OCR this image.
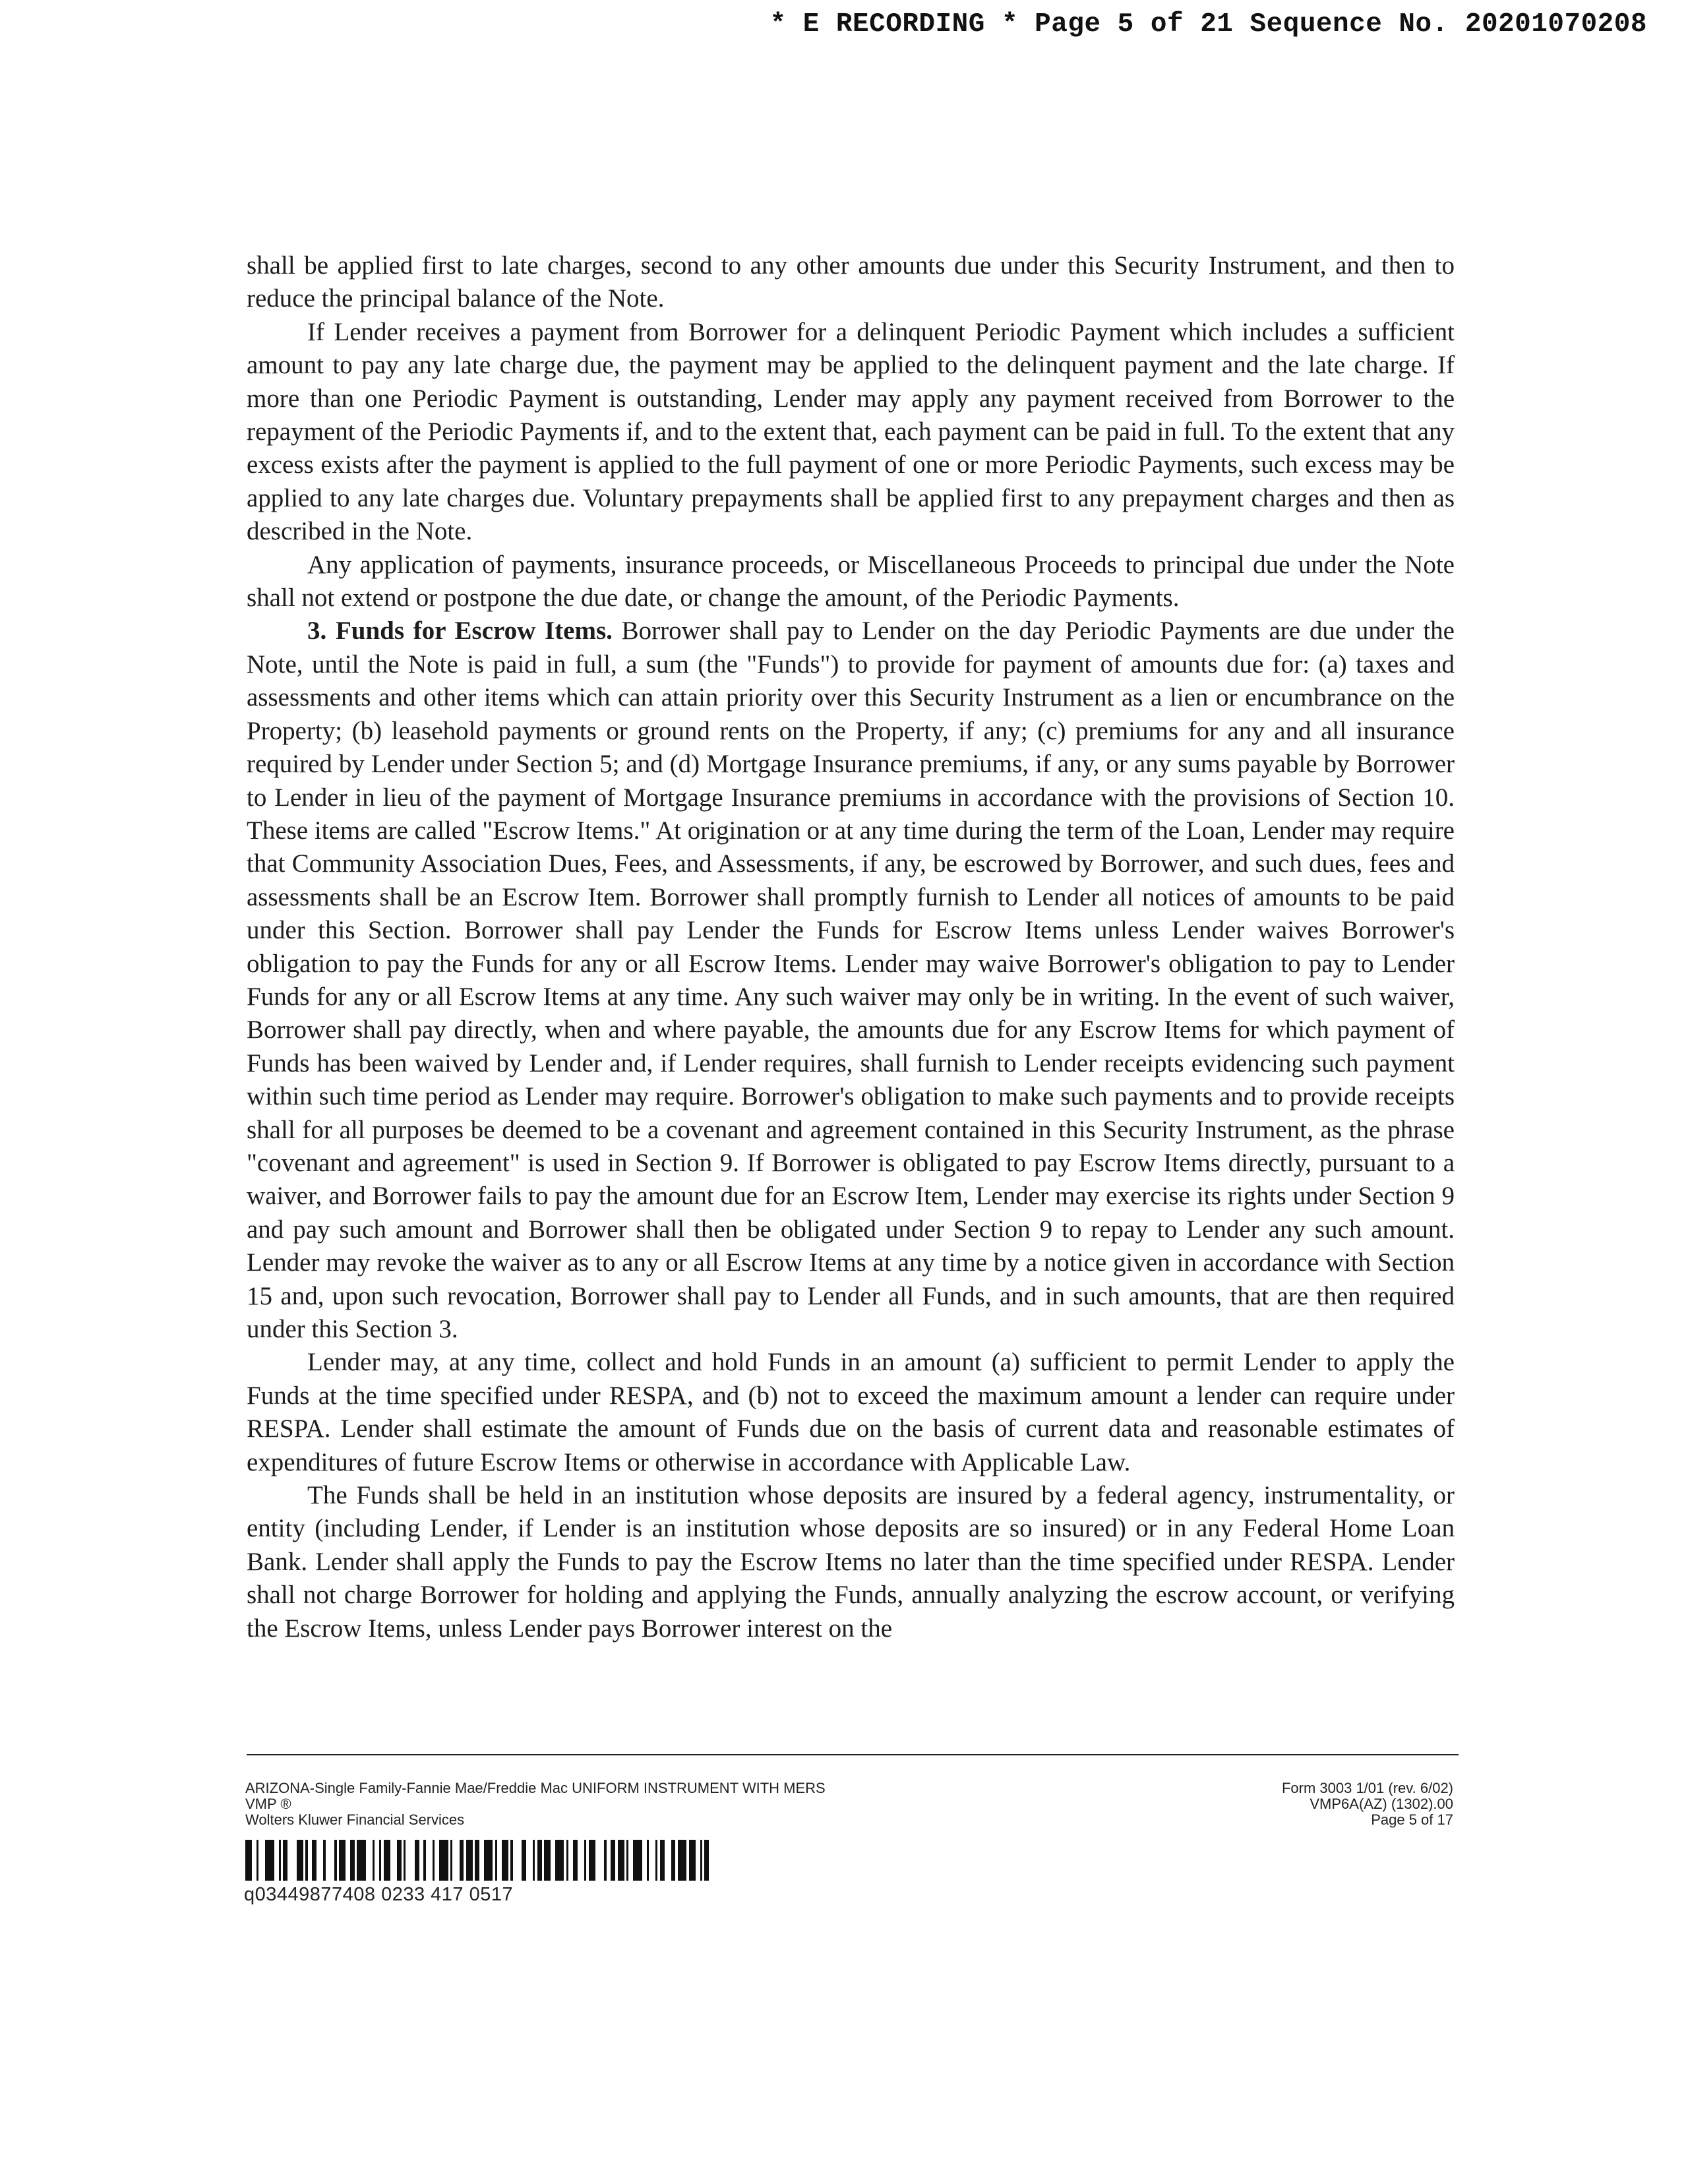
* E RECORDING * Page 5 of 21 Sequence No. 20201070208

shall be applied first to late charges, second to any other amounts due under this Security Instrument, and then to reduce the principal balance of the Note.

If Lender receives a payment from Borrower for a delinquent Periodic Payment which includes a sufficient amount to pay any late charge due, the payment may be applied to the delinquent payment and the late charge. If more than one Periodic Payment is outstanding, Lender may apply any payment received from Borrower to the repayment of the Periodic Payments if, and to the extent that, each payment can be paid in full. To the extent that any excess exists after the payment is applied to the full payment of one or more Periodic Payments, such excess may be applied to any late charges due. Voluntary prepayments shall be applied first to any prepayment charges and then as described in the Note.

Any application of payments, insurance proceeds, or Miscellaneous Proceeds to principal due under the Note shall not extend or postpone the due date, or change the amount, of the Periodic Payments.

3. Funds for Escrow Items. Borrower shall pay to Lender on the day Periodic Payments are due under the Note, until the Note is paid in full, a sum (the "Funds") to provide for payment of amounts due for: (a) taxes and assessments and other items which can attain priority over this Security Instrument as a lien or encumbrance on the Property; (b) leasehold payments or ground rents on the Property, if any; (c) premiums for any and all insurance required by Lender under Section 5; and (d) Mortgage Insurance premiums, if any, or any sums payable by Borrower to Lender in lieu of the payment of Mortgage Insurance premiums in accordance with the provisions of Section 10. These items are called "Escrow Items." At origination or at any time during the term of the Loan, Lender may require that Community Association Dues, Fees, and Assessments, if any, be escrowed by Borrower, and such dues, fees and assessments shall be an Escrow Item. Borrower shall promptly furnish to Lender all notices of amounts to be paid under this Section. Borrower shall pay Lender the Funds for Escrow Items unless Lender waives Borrower's obligation to pay the Funds for any or all Escrow Items. Lender may waive Borrower's obligation to pay to Lender Funds for any or all Escrow Items at any time. Any such waiver may only be in writing. In the event of such waiver, Borrower shall pay directly, when and where payable, the amounts due for any Escrow Items for which payment of Funds has been waived by Lender and, if Lender requires, shall furnish to Lender receipts evidencing such payment within such time period as Lender may require. Borrower's obligation to make such payments and to provide receipts shall for all purposes be deemed to be a covenant and agreement contained in this Security Instrument, as the phrase "covenant and agreement" is used in Section 9. If Borrower is obligated to pay Escrow Items directly, pursuant to a waiver, and Borrower fails to pay the amount due for an Escrow Item, Lender may exercise its rights under Section 9 and pay such amount and Borrower shall then be obligated under Section 9 to repay to Lender any such amount. Lender may revoke the waiver as to any or all Escrow Items at any time by a notice given in accordance with Section 15 and, upon such revocation, Borrower shall pay to Lender all Funds, and in such amounts, that are then required under this Section 3.

Lender may, at any time, collect and hold Funds in an amount (a) sufficient to permit Lender to apply the Funds at the time specified under RESPA, and (b) not to exceed the maximum amount a lender can require under RESPA. Lender shall estimate the amount of Funds due on the basis of current data and reasonable estimates of expenditures of future Escrow Items or otherwise in accordance with Applicable Law.

The Funds shall be held in an institution whose deposits are insured by a federal agency, instrumentality, or entity (including Lender, if Lender is an institution whose deposits are so insured) or in any Federal Home Loan Bank. Lender shall apply the Funds to pay the Escrow Items no later than the time specified under RESPA. Lender shall not charge Borrower for holding and applying the Funds, annually analyzing the escrow account, or verifying the Escrow Items, unless Lender pays Borrower interest on the

ARIZONA-Single Family-Fannie Mae/Freddie Mac UNIFORM INSTRUMENT WITH MERS
VMP ®
Wolters Kluwer Financial Services
Form 3003 1/01 (rev. 6/02)
VMP6A(AZ) (1302).00
Page 5 of 17
q03449877408 0233 417 0517
